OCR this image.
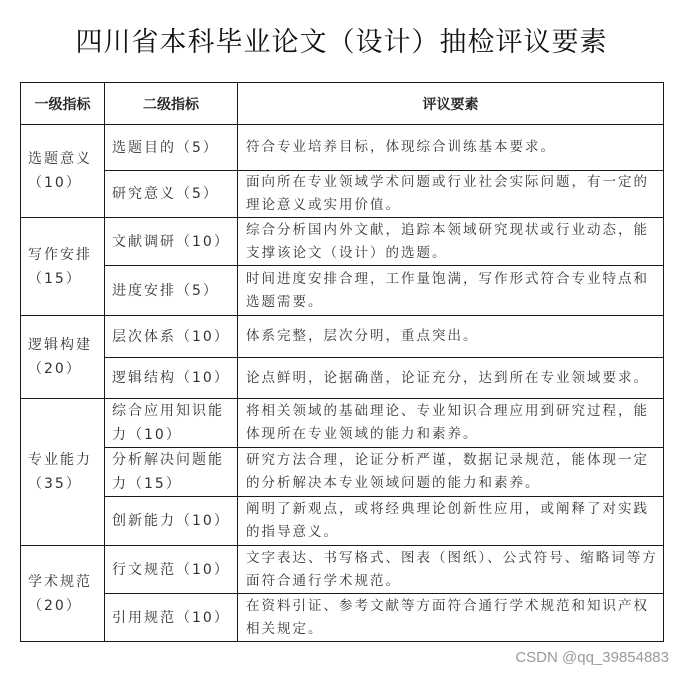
四川省本科毕业论文（设计）抽检评议要素
一级指标	二级指标	评议要素

选题意义
（10）	选题目的（5）	符合专业培养目标，体现综合训练基本要求。
	研究意义（5）	面向所在专业领域学术问题或行业社会实际问题，有一定的理论意义或实用价值。

写作安排
（15）	文献调研（10）	综合分析国内外文献，追踪本领域研究现状或行业动态，能支撑该论文（设计）的选题。
	进度安排（5）	时间进度安排合理，工作量饱满，写作形式符合专业特点和选题需要。

逻辑构建
（20）	层次体系（10）	体系完整，层次分明，重点突出。
	逻辑结构（10）	论点鲜明，论据确凿，论证充分，达到所在专业领域要求。

专业能力
（35）	综合应用知识能力（10）	将相关领域的基础理论、专业知识合理应用到研究过程，能体现所在专业领域的能力和素养。
	分析解决问题能力（15）	研究方法合理，论证分析严谨，数据记录规范，能体现一定的分析解决本专业领域问题的能力和素养。
	创新能力（10）	阐明了新观点，或将经典理论创新性应用，或阐释了对实践的指导意义。

学术规范
（20）	行文规范（10）	文字表达、书写格式、图表（图纸）、公式符号、缩略词等方面符合通行学术规范。
	引用规范（10）	在资料引证、参考文献等方面符合通行学术规范和知识产权相关规定。
CSDN @qq_39854883
